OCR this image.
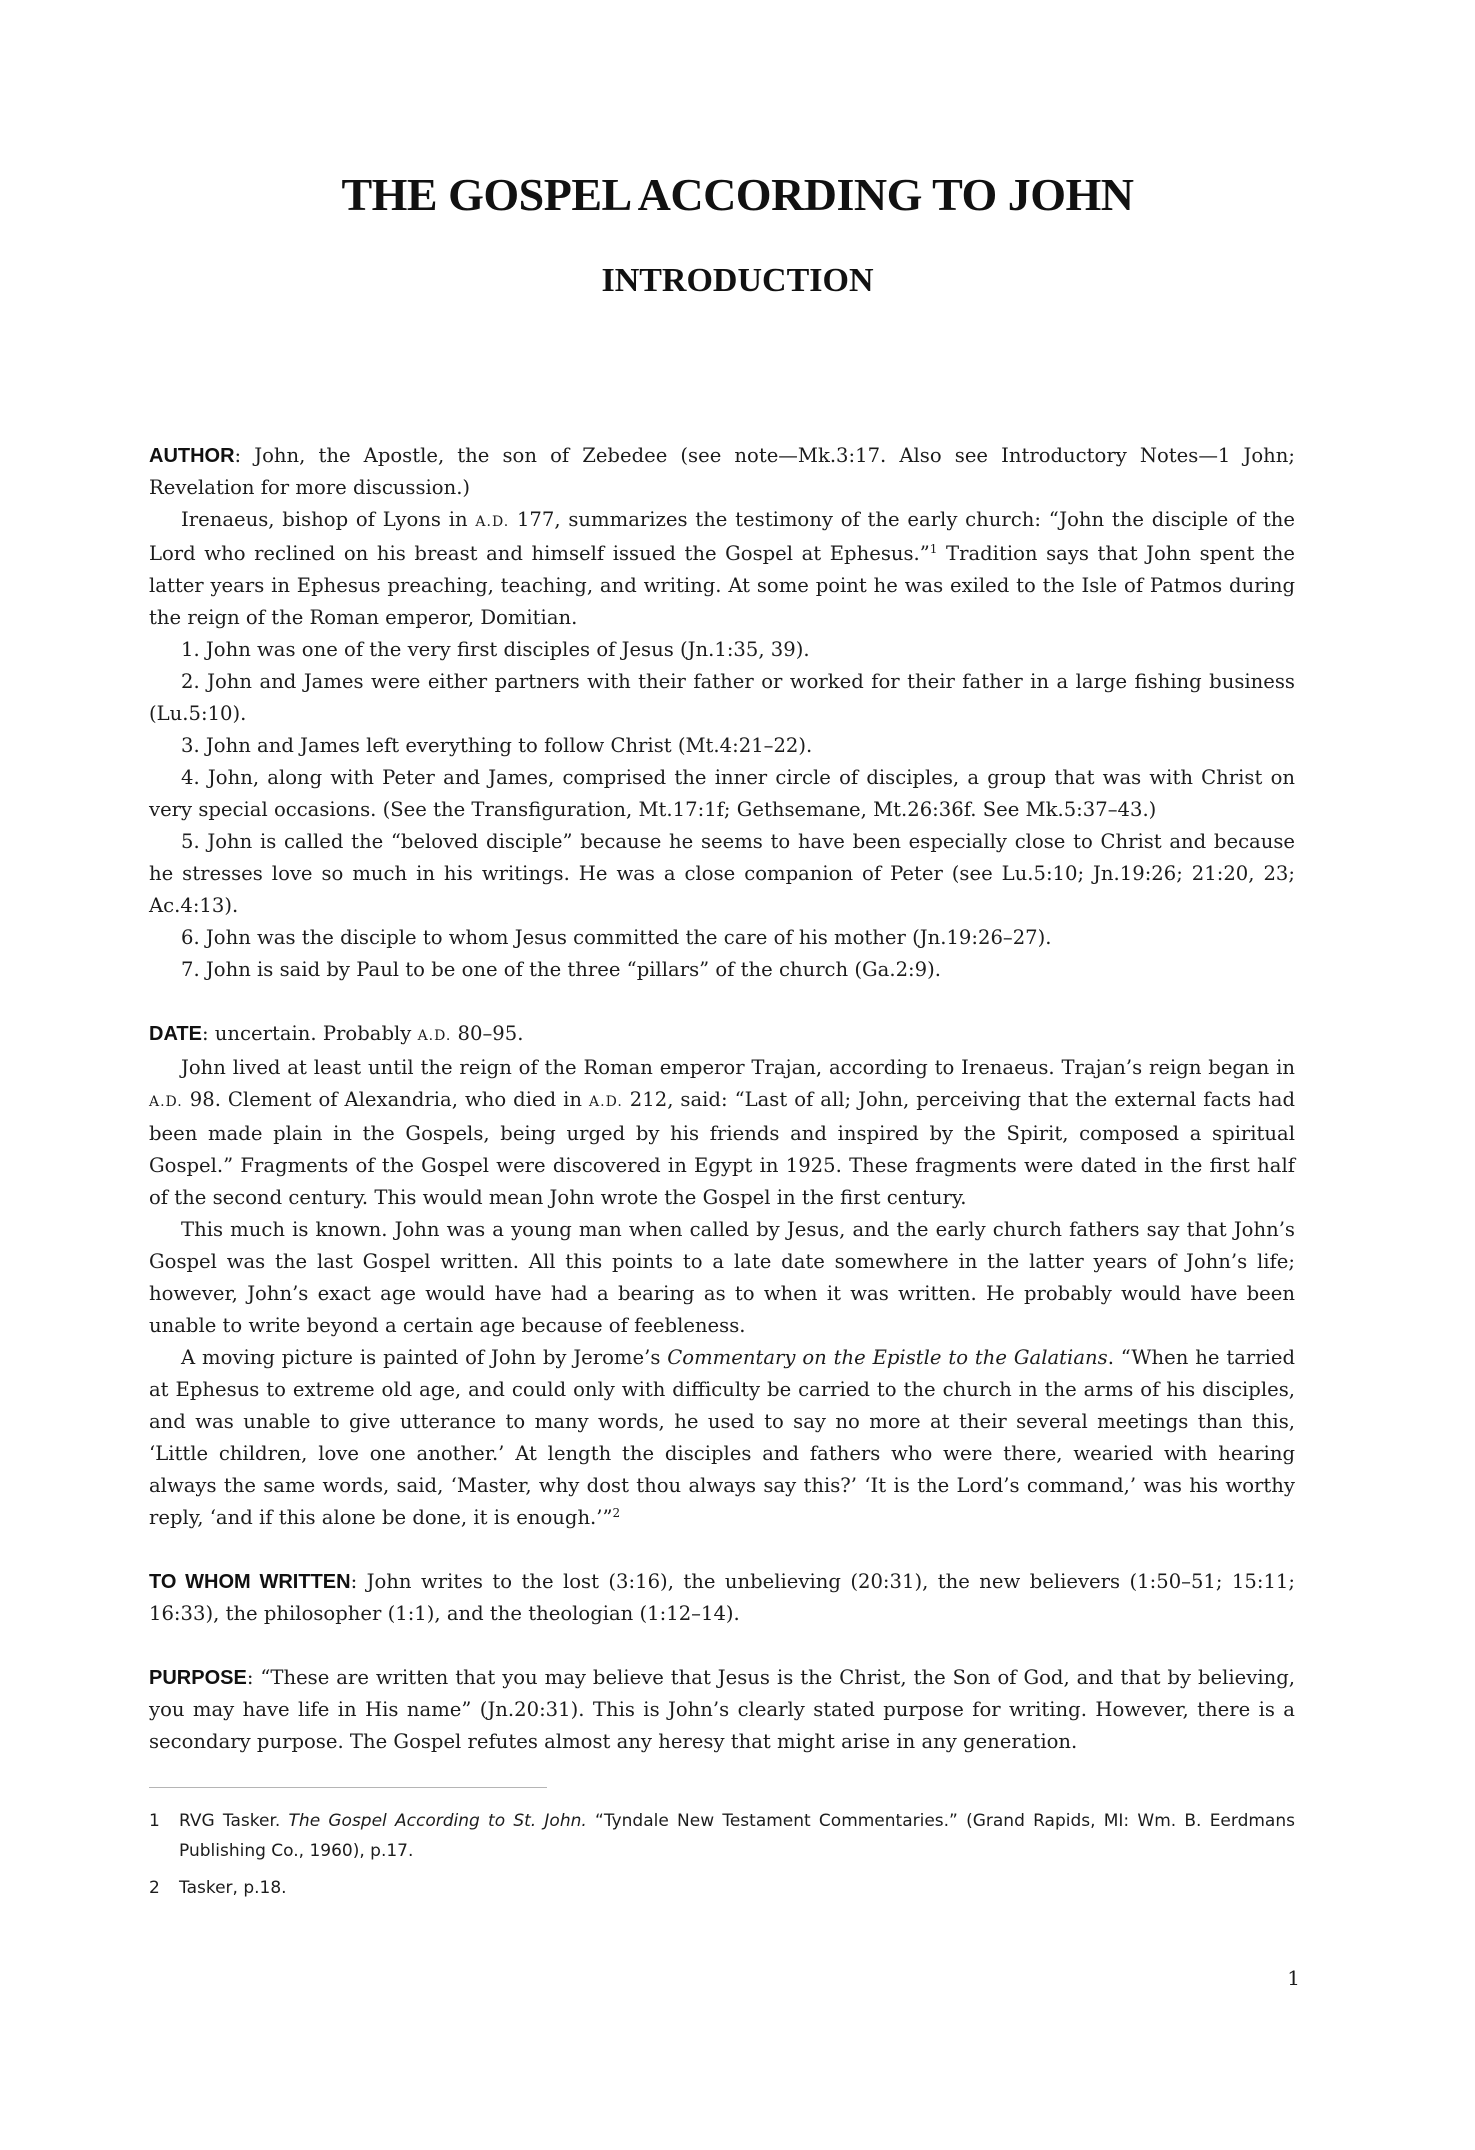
THE GOSPEL ACCORDING TO JOHN
INTRODUCTION

AUTHOR: John, the Apostle, the son of Zebedee (see note—Mk.3:17. Also see Introductory Notes—1 John; Revelation for more discussion.)

Irenaeus, bishop of Lyons in A.D. 177, summarizes the testimony of the early church: “John the disciple of the Lord who reclined on his breast and himself issued the Gospel at Ephesus.”$^1$ Tradition says that John spent the latter years in Ephesus preaching, teaching, and writing. At some point he was exiled to the Isle of Patmos during the reign of the Roman emperor, Domitian.

1. John was one of the very first disciples of Jesus (Jn.1:35, 39).

2. John and James were either partners with their father or worked for their father in a large fishing business (Lu.5:10).

3. John and James left everything to follow Christ (Mt.4:21–22).

4. John, along with Peter and James, comprised the inner circle of disciples, a group that was with Christ on very special occasions. (See the Transfiguration, Mt.17:1f; Gethsemane, Mt.26:36f. See Mk.5:37–43.)

5. John is called the “beloved disciple” because he seems to have been especially close to Christ and because he stresses love so much in his writings. He was a close companion of Peter (see Lu.5:10; Jn.19:26; 21:20, 23; Ac.4:13).

6. John was the disciple to whom Jesus committed the care of his mother (Jn.19:26–27).

7. John is said by Paul to be one of the three “pillars” of the church (Ga.2:9).

DATE: uncertain. Probably A.D. 80–95.

John lived at least until the reign of the Roman emperor Trajan, according to Irenaeus. Trajan’s reign began in A.D. 98. Clement of Alexandria, who died in A.D. 212, said: “Last of all; John, perceiving that the external facts had been made plain in the Gospels, being urged by his friends and inspired by the Spirit, composed a spiritual Gospel.” Fragments of the Gospel were discovered in Egypt in 1925. These fragments were dated in the first half of the second century. This would mean John wrote the Gospel in the first century.

This much is known. John was a young man when called by Jesus, and the early church fathers say that John’s Gospel was the last Gospel written. All this points to a late date somewhere in the latter years of John’s life; however, John’s exact age would have had a bearing as to when it was written. He probably would have been unable to write beyond a certain age because of feebleness.

A moving picture is painted of John by Jerome’s Commentary on the Epistle to the Galatians. “When he tarried at Ephesus to extreme old age, and could only with difficulty be carried to the church in the arms of his disciples, and was unable to give utterance to many words, he used to say no more at their several meetings than this, ‘Little children, love one another.’ At length the disciples and fathers who were there, wearied with hearing always the same words, said, ‘Master, why dost thou always say this?’ ‘It is the Lord’s command,’ was his worthy reply, ‘and if this alone be done, it is enough.’”$^2$

TO WHOM WRITTEN: John writes to the lost (3:16), the unbelieving (20:31), the new believers (1:50–51; 15:11; 16:33), the philosopher (1:1), and the theologian (1:12–14).

PURPOSE: “These are written that you may believe that Jesus is the Christ, the Son of God, and that by believing, you may have life in His name” (Jn.20:31). This is John’s clearly stated purpose for writing. However, there is a secondary purpose. The Gospel refutes almost any heresy that might arise in any generation.

1	RVG Tasker. The Gospel According to St. John. “Tyndale New Testament Commentaries.” (Grand Rapids, MI: Wm. B. Eerdmans Publishing Co., 1960), p.17.
2	Tasker, p.18.
1
